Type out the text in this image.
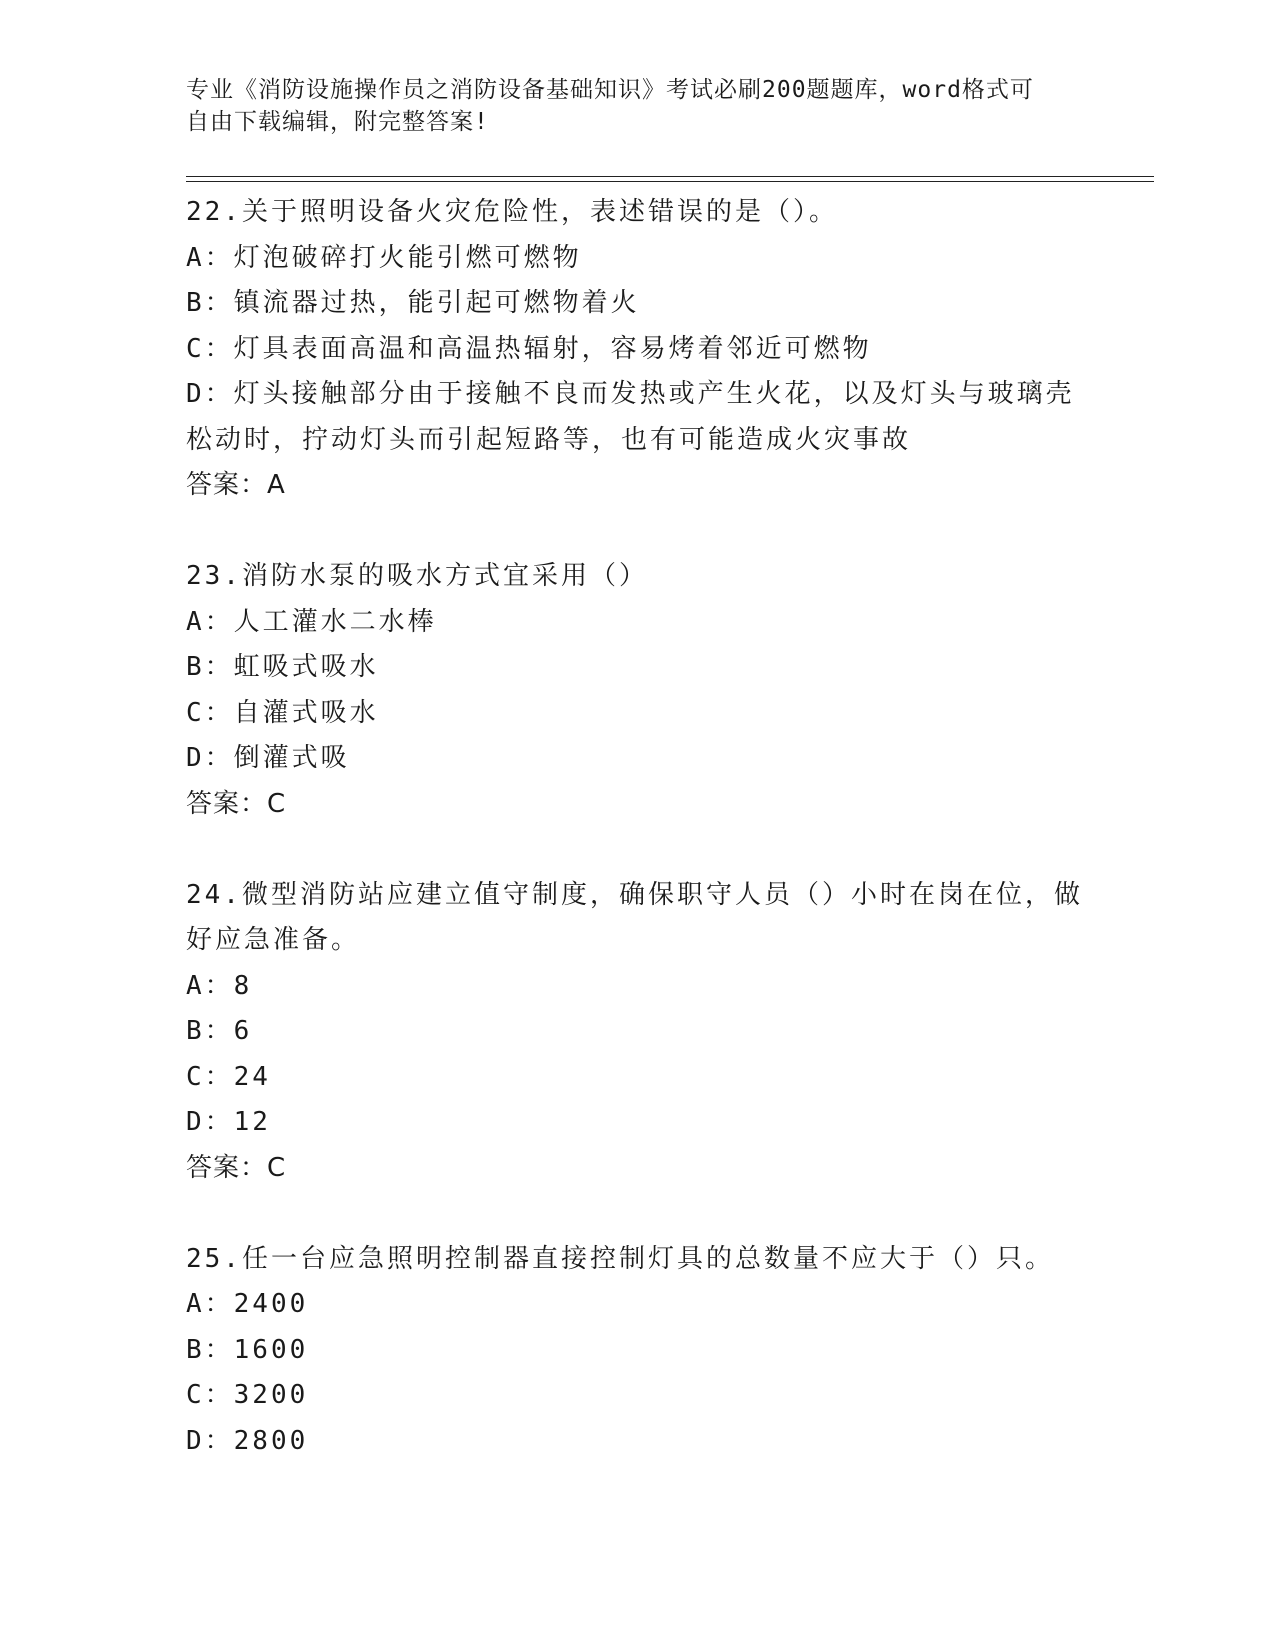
专业《消防设施操作员之消防设备基础知识》考试必刷200题题库，word格式可
自由下载编辑，附完整答案!
22.关于照明设备火灾危险性，表述错误的是（）。
A：灯泡破碎打火能引燃可燃物
B：镇流器过热，能引起可燃物着火
C：灯具表面高温和高温热辐射，容易烤着邻近可燃物
D：灯头接触部分由于接触不良而发热或产生火花，以及灯头与玻璃壳
松动时，拧动灯头而引起短路等，也有可能造成火灾事故
答案：A
23.消防水泵的吸水方式宜采用（）
A：人工灌水二水棒
B：虹吸式吸水
C：自灌式吸水
D：倒灌式吸
答案：C
24.微型消防站应建立值守制度，确保职守人员（）小时在岗在位，做
好应急准备。
A：8
B：6
C：24
D：12
答案：C
25.任一台应急照明控制器直接控制灯具的总数量不应大于（）只。
A：2400
B：1600
C：3200
D：2800
